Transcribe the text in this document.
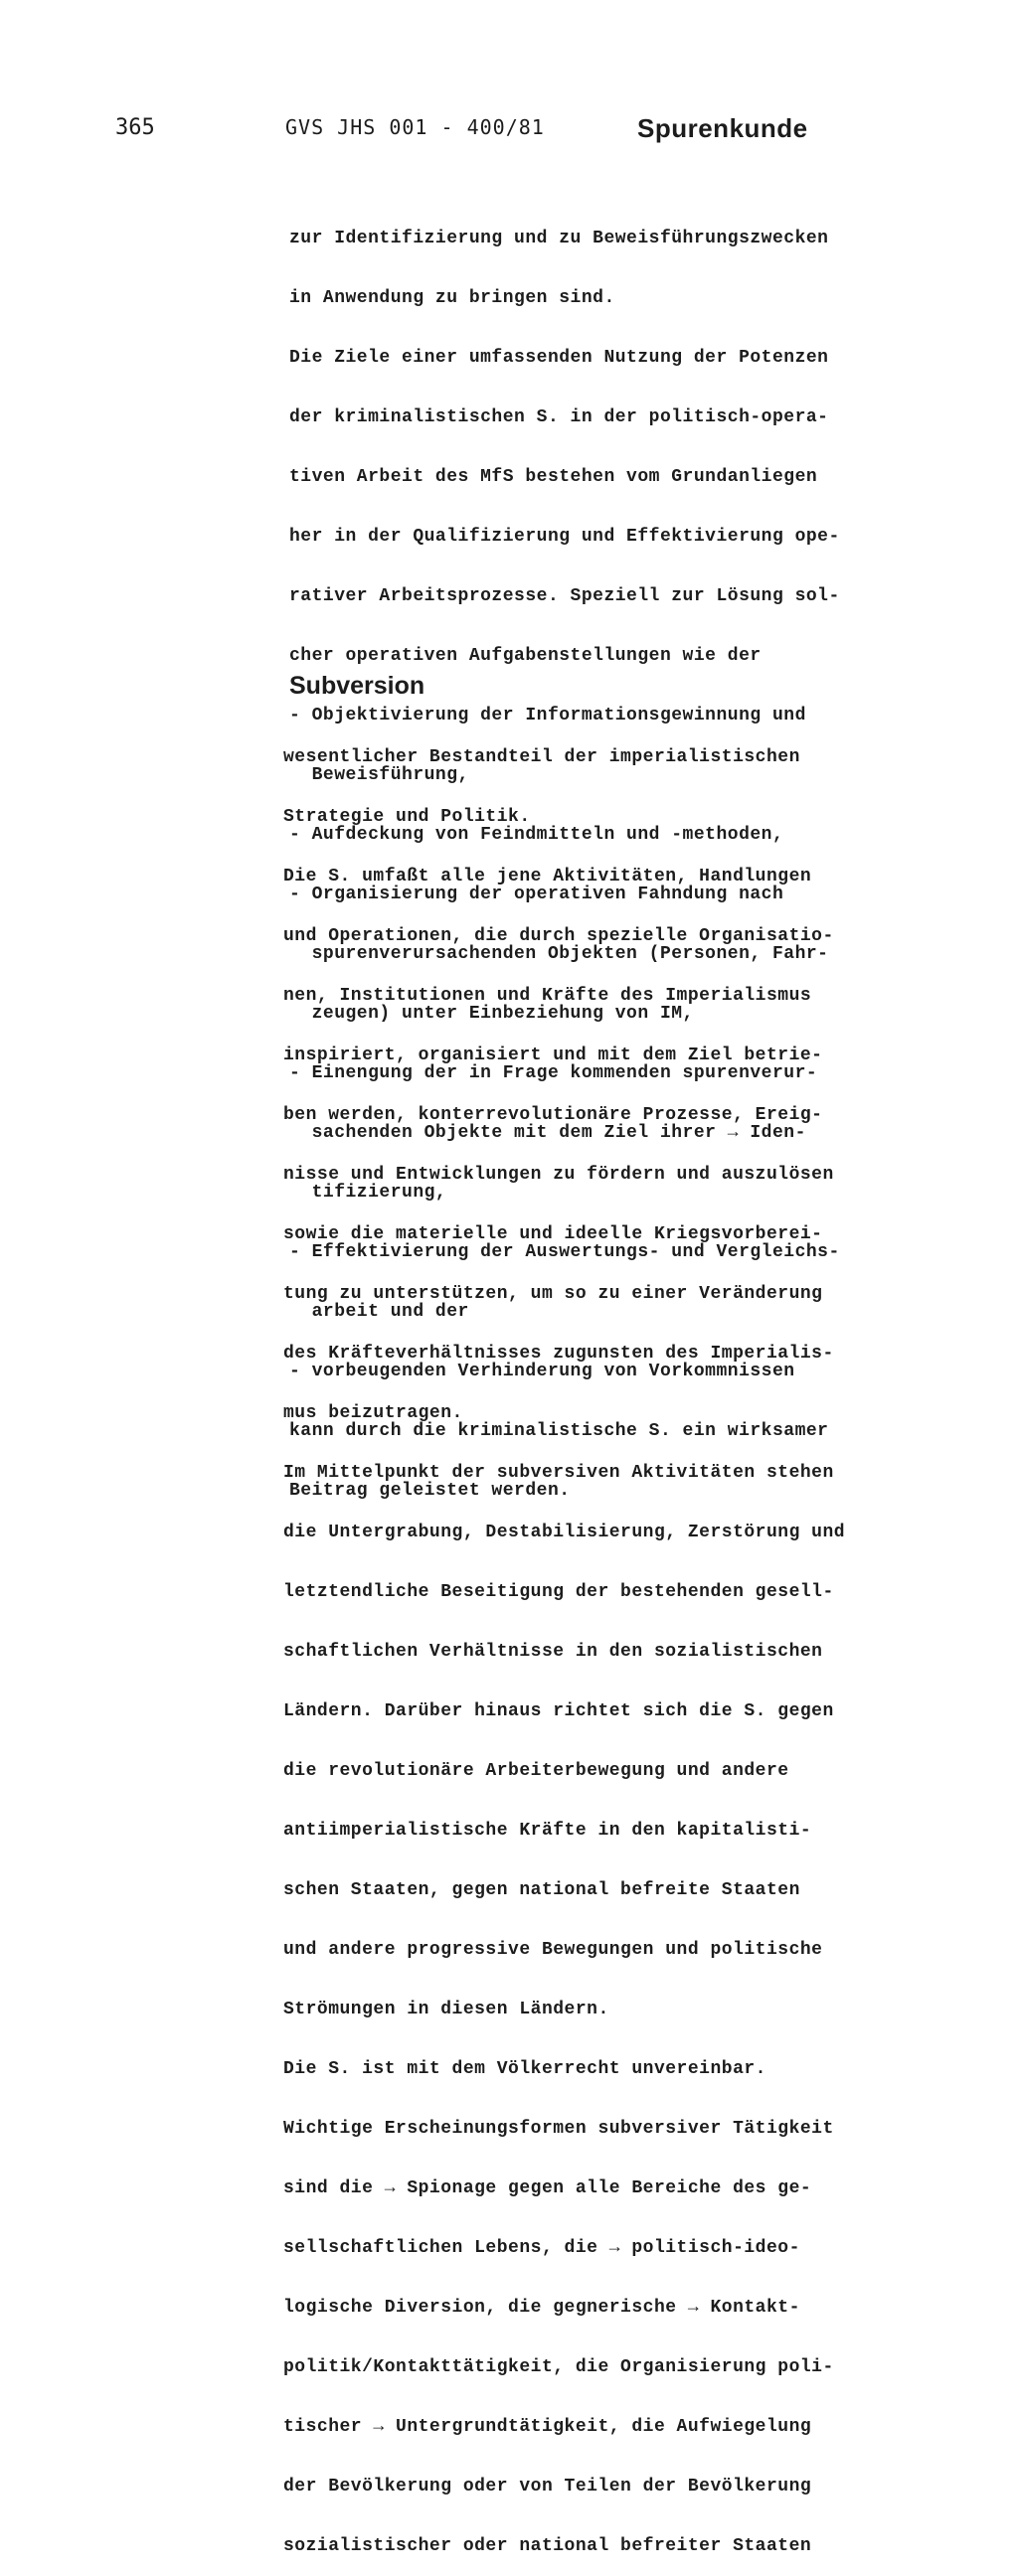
365	GVS JHS 001 - 400/81	Spurenkunde

zur Identifizierung und zu Beweisführungszwecken

in Anwendung zu bringen sind.

Die Ziele einer umfassenden Nutzung der Potenzen

der kriminalistischen S. in der politisch-opera-

tiven Arbeit des MfS bestehen vom Grundanliegen

her in der Qualifizierung und Effektivierung ope-

rativer Arbeitsprozesse. Speziell zur Lösung sol-

cher operativen Aufgabenstellungen wie der

- Objektivierung der Informationsgewinnung und

Beweisführung,

- Aufdeckung von Feindmitteln und -methoden,

- Organisierung der operativen Fahndung nach

spurenverursachenden Objekten (Personen, Fahr-

zeugen) unter Einbeziehung von IM,

- Einengung der in Frage kommenden spurenverur-

sachenden Objekte mit dem Ziel ihrer → Iden-

tifizierung,

- Effektivierung der Auswertungs- und Vergleichs-

arbeit und der

- vorbeugenden Verhinderung von Vorkommnissen

kann durch die kriminalistische S. ein wirksamer

Beitrag geleistet werden.

Subversion

wesentlicher Bestandteil der imperialistischen

Strategie und Politik.

Die S. umfaßt alle jene Aktivitäten, Handlungen

und Operationen, die durch spezielle Organisatio-

nen, Institutionen und Kräfte des Imperialismus

inspiriert, organisiert und mit dem Ziel betrie-

ben werden, konterrevolutionäre Prozesse, Ereig-

nisse und Entwicklungen zu fördern und auszulösen

sowie die materielle und ideelle Kriegsvorberei-

tung zu unterstützen, um so zu einer Veränderung

des Kräfteverhältnisses zugunsten des Imperialis-

mus beizutragen.

Im Mittelpunkt der subversiven Aktivitäten stehen

die Untergrabung, Destabilisierung, Zerstörung und

letztendliche Beseitigung der bestehenden gesell-

schaftlichen Verhältnisse in den sozialistischen

Ländern. Darüber hinaus richtet sich die S. gegen

die revolutionäre Arbeiterbewegung und andere

antiimperialistische Kräfte in den kapitalisti-

schen Staaten, gegen national befreite Staaten

und andere progressive Bewegungen und politische

Strömungen in diesen Ländern.

Die S. ist mit dem Völkerrecht unvereinbar.

Wichtige Erscheinungsformen subversiver Tätigkeit

sind die → Spionage gegen alle Bereiche des ge-

sellschaftlichen Lebens, die → politisch-ideo-

logische Diversion, die gegnerische → Kontakt-

politik/Kontakttätigkeit, die Organisierung poli-

tischer → Untergrundtätigkeit, die Aufwiegelung

der Bevölkerung oder von Teilen der Bevölkerung

sozialistischer oder national befreiter Staaten
